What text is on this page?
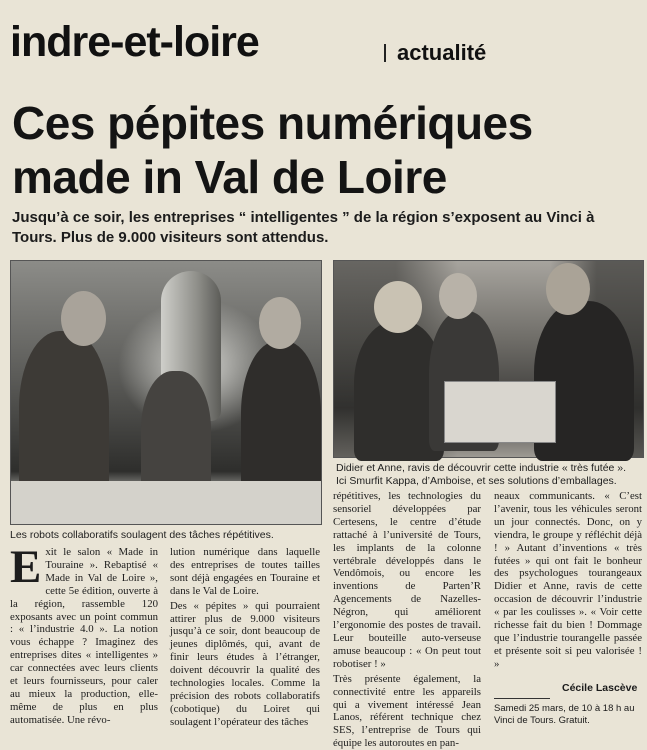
indre-et-loire	actualité
Ces pépites numériques
made in Val de Loire
Jusqu’à ce soir, les entreprises “ intelligentes ” de la région s’exposent au Vinci à Tours. Plus de 9.000 visiteurs sont attendus.
Didier et Anne, ravis de découvrir cette industrie « très futée ».
Ici Smurfit Kappa, d’Amboise, et ses solutions d’emballages.
Les robots collaboratifs soulagent des tâches répétitives.
E xit le salon « Made in Touraine ». Rebaptisé « Made in Val de Loire », cette 5e édition, ouverte à la région, rassemble 120 exposants avec un point commun : « l’industrie 4.0 ». La notion vous échappe ? Imaginez des entreprises dites « intelligentes » car connectées avec leurs clients et leurs fournisseurs, pour caler au mieux la production, elle-même de plus en plus automatisée. Une révo-

lution numérique dans laquelle des entreprises de toutes tailles sont déjà engagées en Touraine et dans le Val de Loire.

Des « pépites » qui pourraient attirer plus de 9.000 visiteurs jusqu’à ce soir, dont beaucoup de jeunes diplômés, qui, avant de finir leurs études à l’étranger, doivent découvrir la qualité des technologies locales. Comme la précision des robots collaboratifs (cobotique) du Loiret qui soulagent l’opérateur des tâches

répétitives, les technologies du sensoriel développées par Certesens, le centre d’étude rattaché à l’université de Tours, les implants de la colonne vertébrale développés dans le Vendômois, ou encore les inventions de Parten’R Agencements de Nazelles-Négron, qui améliorent l’ergonomie des postes de travail. Leur bouteille auto-verseuse amuse beaucoup : « On peut tout robotiser ! »

Très présente également, la connectivité entre les appareils qui a vivement intéressé Jean Lanos, référent technique chez SES, l’entreprise de Tours qui équipe les autoroutes en pan-

neaux communicants. « C’est l’avenir, tous les véhicules seront un jour connectés. Donc, on y viendra, le groupe y réfléchit déjà ! » Autant d’inventions « très futées » qui ont fait le bonheur des psychologues tourangeaux Didier et Anne, ravis de cette occasion de découvrir l’industrie « par les coulisses ». « Voir cette richesse fait du bien ! Dommage que l’industrie tourangelle passée et présente soit si peu valorisée ! »

Cécile Lascève
Samedi 25 mars, de 10 à 18 h au Vinci de Tours. Gratuit.
